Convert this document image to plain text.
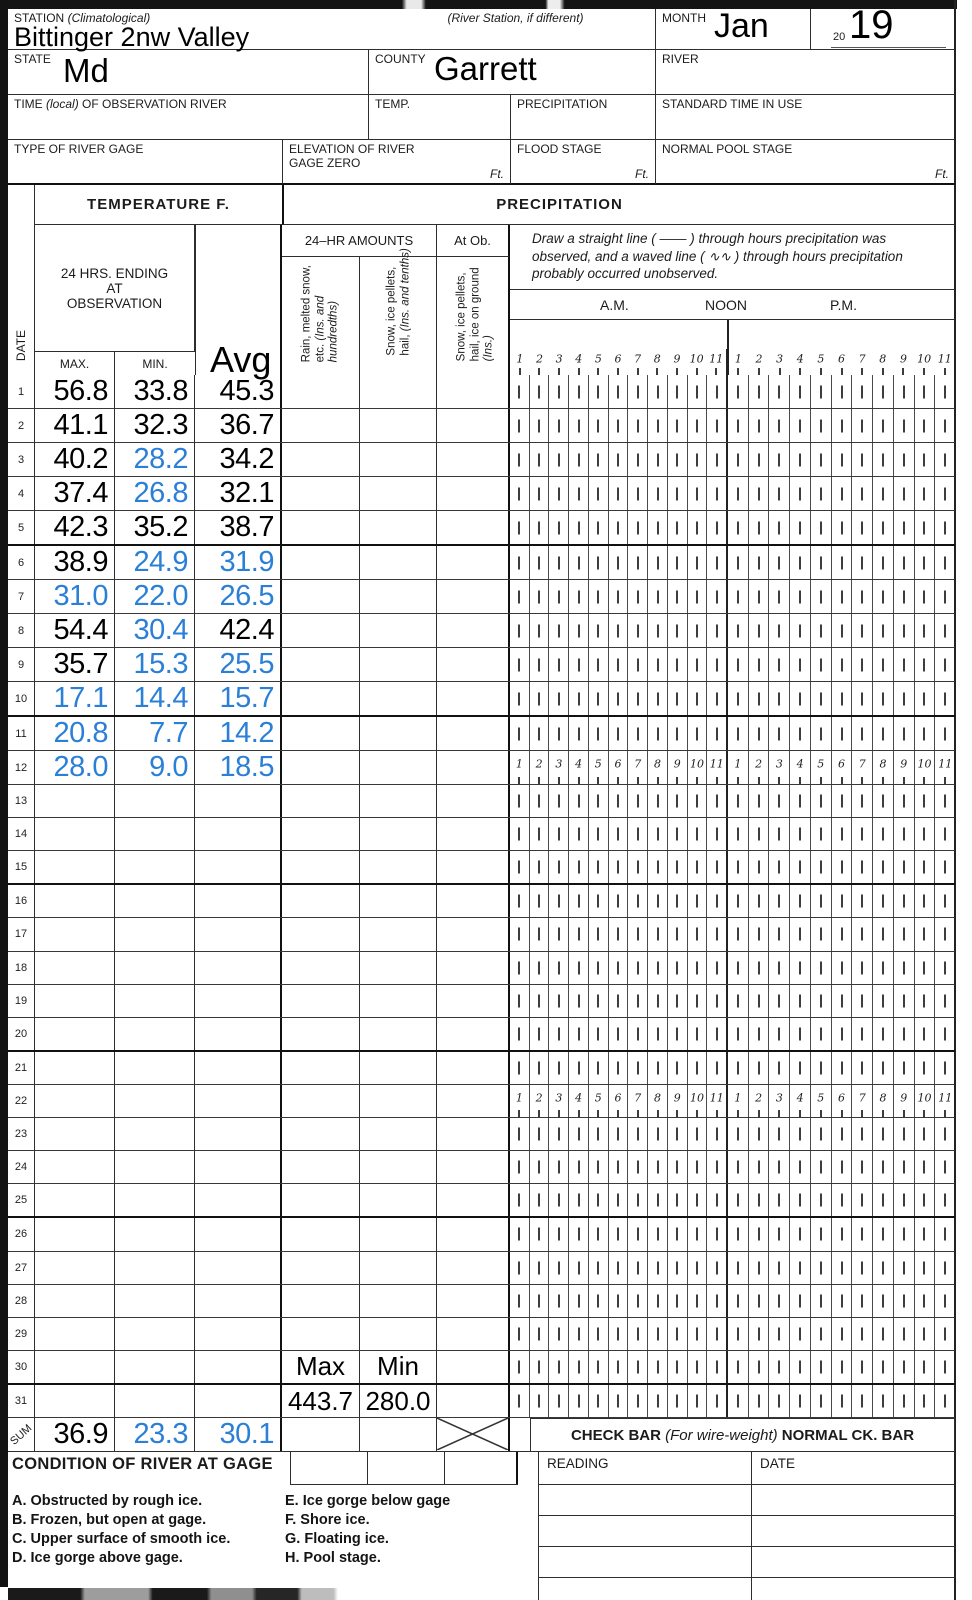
STATION (Climatological)	(River Station, if different)
Bittinger 2nw Valley
MONTH Jan	20 19
STATE Md	COUNTY Garrett	RIVER
TIME (local) OF OBSERVATION RIVER	TEMP.	PRECIPITATION	STANDARD TIME IN USE
TYPE OF RIVER GAGE	ELEVATION OF RIVER
GAGE ZERO
Ft.
FLOOD STAGE
Ft.
NORMAL POOL STAGE
Ft.
DATE
TEMPERATURE F.	PRECIPITATION
24 HRS. ENDING
AT
OBSERVATION
MAX.	MIN. Avg
24–HR AMOUNTS	At Ob.
Rain, melted snow, etc. (Ins. and hundredths)	Snow, ice pellets, hail, (Ins. and tenths)	Snow, ice pellets, hail, ice on ground (Ins.)
Draw a straight line ( —— ) through hours precipitation was
observed, and a waved line ( ∿∿ ) through hours precipitation
probably occurred unobserved.
A.M.	NOON	P.M.
1 2 3 4 5 6 7 8 9 10 11 1 2 3 4 5 6 7 8 9 10 11
1	56.8 33.8 45.3
2	41.1 32.3 36.7
3	40.2 28.2 34.2
4	37.4 26.8 32.1
5	42.3 35.2 38.7
6	38.9 24.9 31.9
7	31.0 22.0 26.5
8	54.4 30.4 42.4
9	35.7 15.3 25.5
10 17.1 14.4 15.7
11 20.8 7.7 14.2
12 28.0 9.0 18.5	1 2 3 4 5 6 7 8 9 10 11 1 2 3 4 5 6 7 8 9 10 11
13
14
15
16
17
18
19
20
21
22	1 2 3 4 5 6 7 8 9 10 11 1 2 3 4 5 6 7 8 9 10 11
23
24
25
26
27
28
29
30	Max	Min
31	443.7 280.0
SUM 36.9 23.3 30.1	CHECK BAR (For wire-weight) NORMAL CK. BAR
READING	DATE
CONDITION OF RIVER AT GAGE
A. Obstructed by rough ice.
B. Frozen, but open at gage.
C. Upper surface of smooth ice.
D. Ice gorge above gage.
E. Ice gorge below gage
F. Shore ice.
G. Floating ice.
H. Pool stage.
